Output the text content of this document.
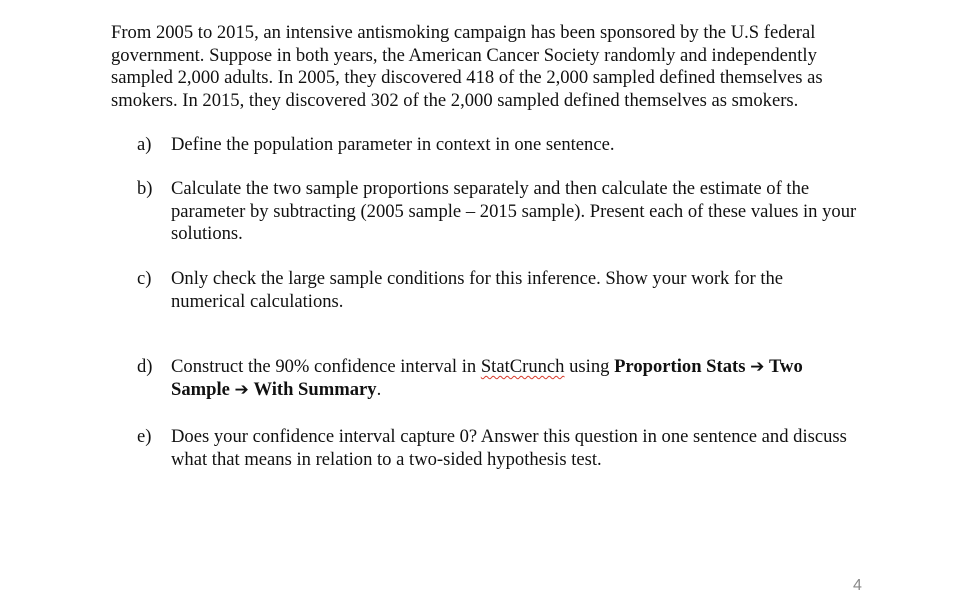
From 2005 to 2015, an intensive antismoking campaign has been sponsored by the U.S federal government. Suppose in both years, the American Cancer Society randomly and independently sampled 2,000 adults. In 2005, they discovered 418 of the 2,000 sampled defined themselves as smokers. In 2015, they discovered 302 of the 2,000 sampled defined themselves as smokers.

a)	Define the population parameter in context in one sentence.
b) Calculate the two sample proportions separately and then calculate the estimate of the parameter by subtracting (2005 sample – 2015 sample). Present each of these values in your solutions.
c)	Only check the large sample conditions for this inference. Show your work for the numerical calculations.
d) Construct the 90% confidence interval in StatCrunch using Proportion Stats ➔ Two Sample ➔ With Summary.
e)	Does your confidence interval capture 0? Answer this question in one sentence and discuss what that means in relation to a two-sided hypothesis test.
4
